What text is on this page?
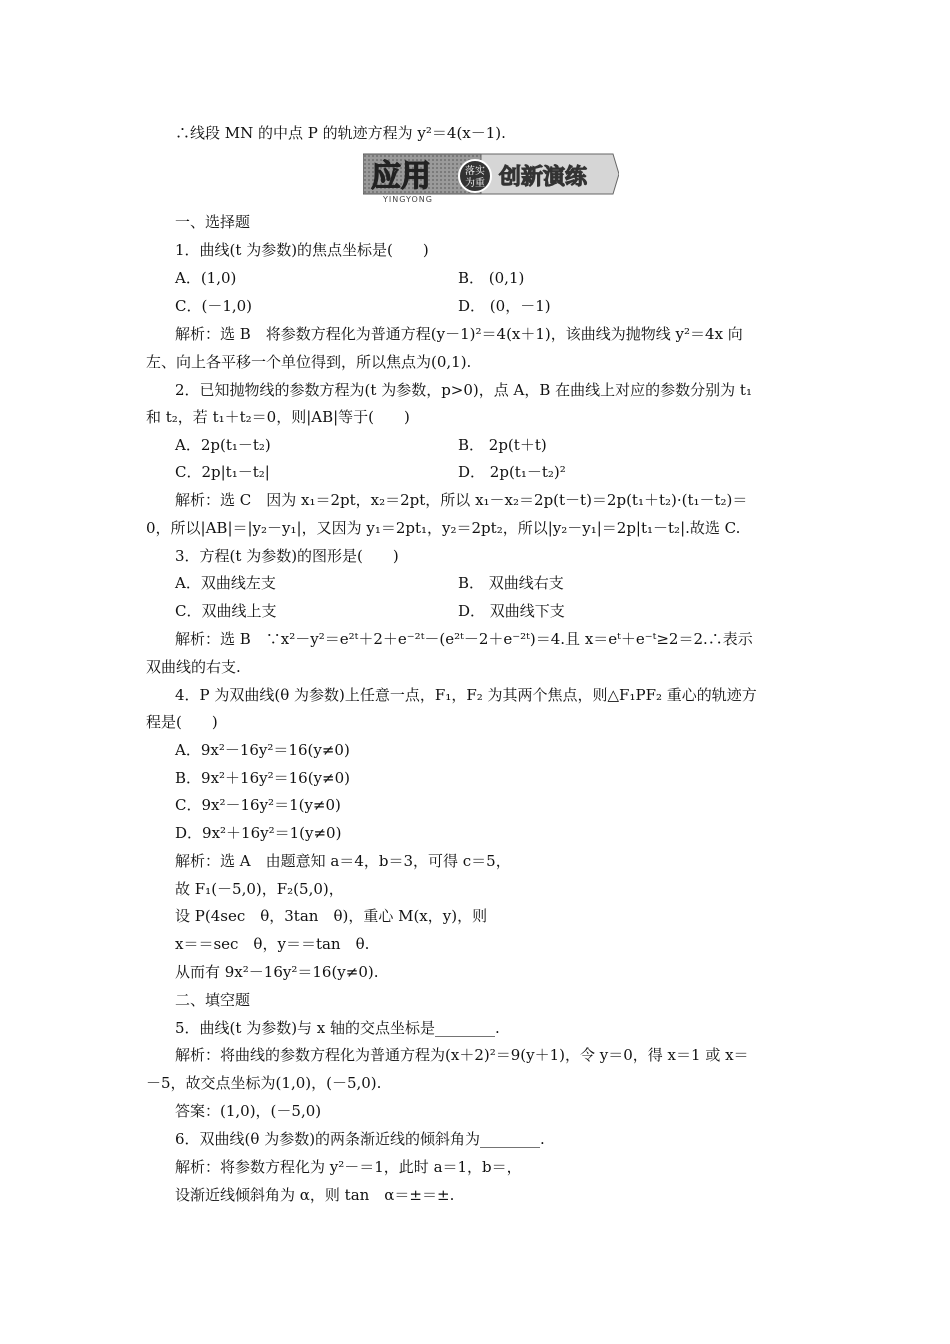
∴线段 MN 的中点 P 的轨迹方程为 y²＝4(x－1).
应用	落实
为重 创新演练
YINGYONG
一、选择题
1．曲线(t 为参数)的焦点坐标是(　　)
A．(1,0)	B． (0,1)
C．(－1,0)	D． (0，－1)
解析：选 B　将参数方程化为普通方程(y－1)²＝4(x＋1)，该曲线为抛物线 y²＝4x 向
左、向上各平移一个单位得到，所以焦点为(0,1).
2．已知抛物线的参数方程为(t 为参数，p>0)，点 A，B 在曲线上对应的参数分别为 t₁
和 t₂，若 t₁＋t₂＝0，则|AB|等于(　　)
A．2p(t₁－t₂)	B． 2p(t＋t)
C．2p|t₁－t₂|	D． 2p(t₁－t₂)²
解析：选 C　因为 x₁＝2pt，x₂＝2pt，所以 x₁－x₂＝2p(t－t)＝2p(t₁＋t₂)·(t₁－t₂)＝
0，所以|AB|＝|y₂－y₁|，又因为 y₁＝2pt₁，y₂＝2pt₂，所以|y₂－y₁|＝2p|t₁－t₂|.故选 C.
3．方程(t 为参数)的图形是(　　)
A．双曲线左支	B． 双曲线右支
C．双曲线上支	D． 双曲线下支
解析：选 B　∵x²－y²＝e²ᵗ＋2＋e⁻²ᵗ－(e²ᵗ－2＋e⁻²ᵗ)＝4.且 x＝eᵗ＋e⁻ᵗ≥2＝2.∴表示
双曲线的右支.
4．P 为双曲线(θ 为参数)上任意一点，F₁，F₂ 为其两个焦点，则△F₁PF₂ 重心的轨迹方
程是(　　)
A．9x²－16y²＝16(y≠0)
B．9x²＋16y²＝16(y≠0)
C．9x²－16y²＝1(y≠0)
D．9x²＋16y²＝1(y≠0)
解析：选 A　由题意知 a＝4，b＝3，可得 c＝5，
故 F₁(－5,0)，F₂(5,0)，
设 P(4sec　θ，3tan　θ)，重心 M(x，y)，则
x＝＝sec　θ，y＝＝tan　θ.
从而有 9x²－16y²＝16(y≠0).
二、填空题
5．曲线(t 为参数)与 x 轴的交点坐标是________.
解析：将曲线的参数方程化为普通方程为(x＋2)²＝9(y＋1)，令 y＝0，得 x＝1 或 x＝
－5，故交点坐标为(1,0)，(－5,0).
答案：(1,0)，(－5,0)
6．双曲线(θ 为参数)的两条渐近线的倾斜角为________.
解析：将参数方程化为 y²－＝1，此时 a＝1，b＝，
设渐近线倾斜角为 α，则 tan　α＝±＝±.
